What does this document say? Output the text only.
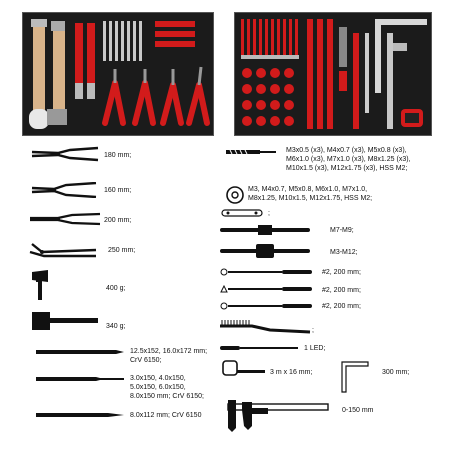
180 mm;
160 mm;
200 mm;
250 mm;
400 g;
340 g;
12.5x152, 16.0x172 mm;
CrV 6150;
3.0x150, 4.0x150,
5.0x150, 6.0x150,
8.0x150 mm; CrV 6150;
8.0x112 mm; CrV 6150
M3x0.5 (x3), M4x0.7 (x3), M5x0.8 (x3),
M6x1.0 (x3), M7x1.0 (x3), M8x1.25 (x3),
M10x1.5 (x3), M12x1.75 (x3), HSS M2;
M3, M4x0.7, M5x0.8, M6x1.0, M7x1.0,
M8x1.25, M10x1.5, M12x1.75, HSS M2;
;
M7-M9;
M3-M12;
#2, 200 mm;
#2, 200 mm;
#2, 200 mm;
;
1 LED;
3 m x 16 mm;	300 mm;
0-150 mm
